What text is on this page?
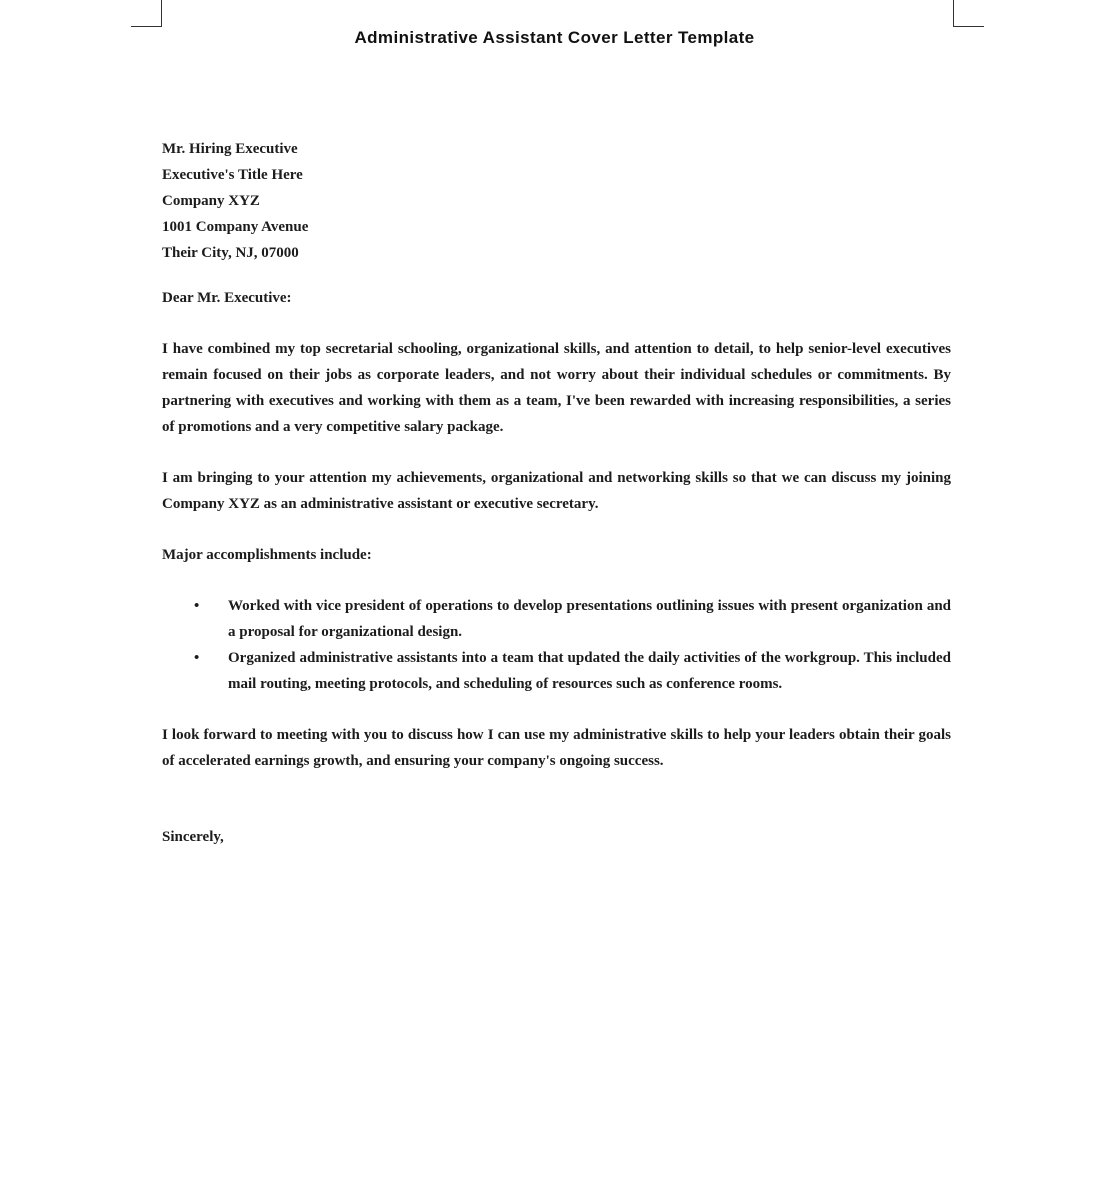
Administrative Assistant Cover Letter Template
Mr. Hiring Executive
Executive's Title Here
Company XYZ
1001 Company Avenue
Their City, NJ, 07000
Dear Mr. Executive:

I have combined my top secretarial schooling, organizational skills, and attention to detail, to help senior-level executives remain focused on their jobs as corporate leaders, and not worry about their individual schedules or commitments. By partnering with executives and working with them as a team, I've been rewarded with increasing responsibilities, a series of promotions and a very competitive salary package.

I am bringing to your attention my achievements, organizational and networking skills so that we can discuss my joining Company XYZ as an administrative assistant or executive secretary.

Major accomplishments include:
• Worked with vice president of operations to develop presentations outlining issues with present organization and a proposal for organizational design.
• Organized administrative assistants into a team that updated the daily activities of the workgroup. This included mail routing, meeting protocols, and scheduling of resources such as conference rooms.

I look forward to meeting with you to discuss how I can use my administrative skills to help your leaders obtain their goals of accelerated earnings growth, and ensuring your company's ongoing success.

Sincerely,
